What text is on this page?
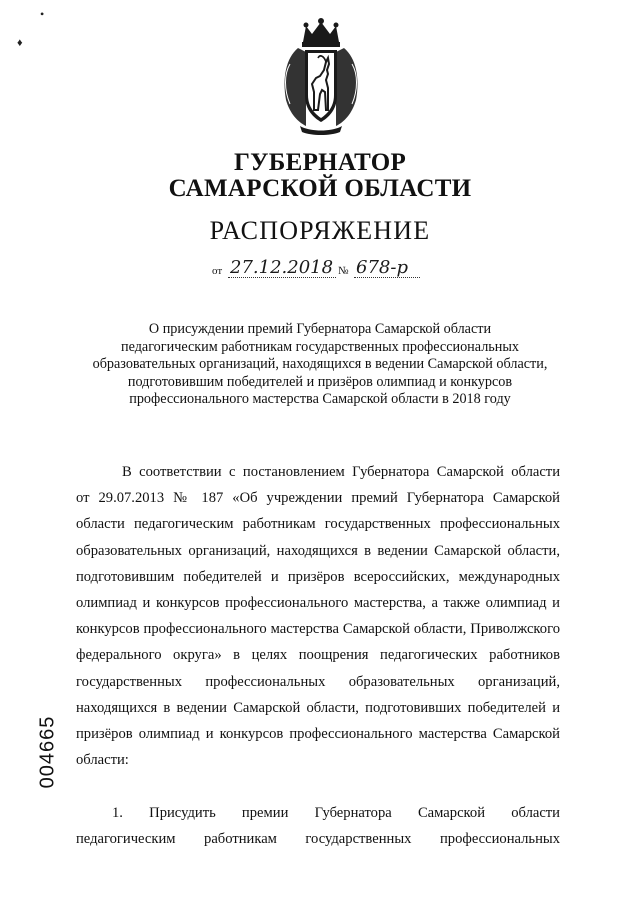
•
♦
ГУБЕРНАТОР
САМАРСКОЙ ОБЛАСТИ
РАСПОРЯЖЕНИЕ
от 27.12.2018 № 678-р
О присуждении премий Губернатора Самарской области
педагогическим работникам государственных профессиональных
образовательных организаций, находящихся в ведении Самарской области,
подготовившим победителей и призёров олимпиад и конкурсов
профессионального мастерства Самарской области в 2018 году
В соответствии с постановлением Губернатора Самарской области
от 29.07.2013 № 187 «Об учреждении премий Губернатора Самарской
области педагогическим работникам государственных профессиональных
образовательных организаций, находящихся в ведении Самарской области,
подготовившим победителей и призёров всероссийских, международных
олимпиад и конкурсов профессионального мастерства, а также олимпиад и
конкурсов профессионального мастерства Самарской области, Приволжского
федерального округа» в целях поощрения педагогических работников
государственных профессиональных образовательных организаций,
находящихся в ведении Самарской области, подготовивших победителей и
призёров олимпиад и конкурсов профессионального мастерства Самарской
области:
1. Присудить премии Губернатора Самарской области
педагогическим работникам государственных профессиональных
004665
